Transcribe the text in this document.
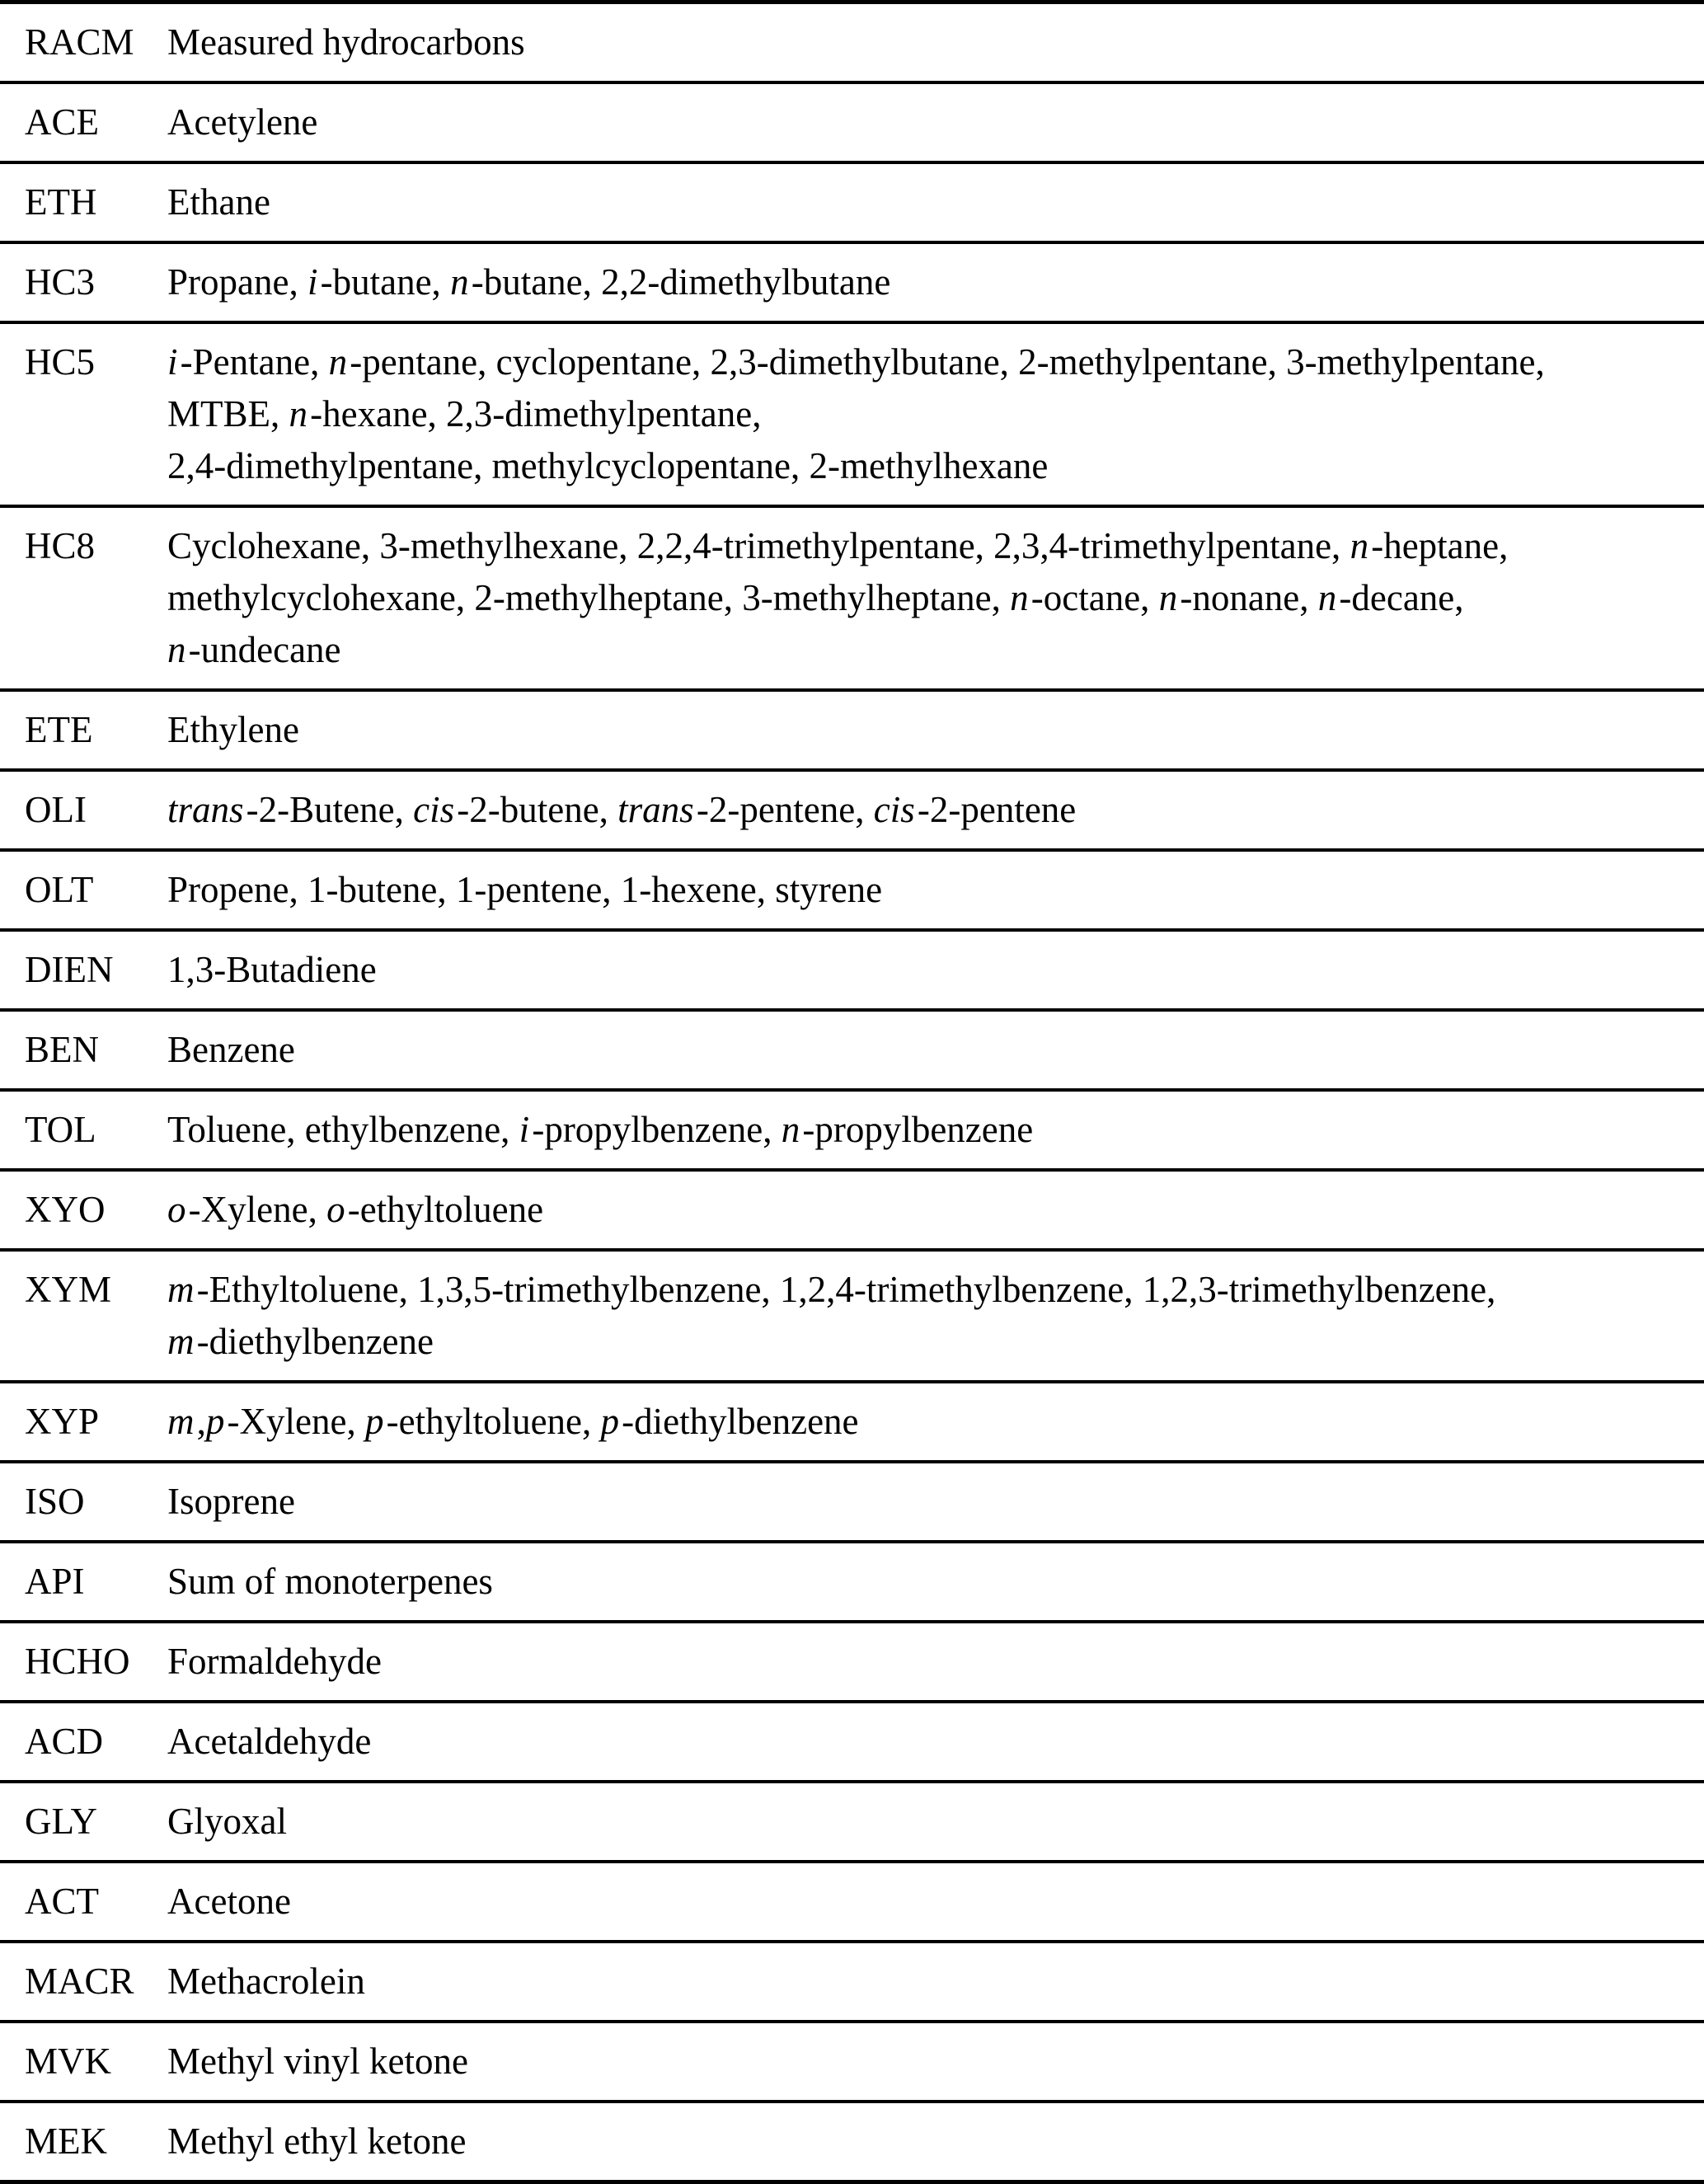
RACM	Measured hydrocarbons

ACE	Acetylene

ETH	Ethane

HC3	Propane, i-butane, n-butane, 2,2-dimethylbutane

HC5	i-Pentane, n-pentane, cyclopentane, 2,3-dimethylbutane, 2-methylpentane, 3-methylpentane,
MTBE, n-hexane, 2,3-dimethylpentane,
2,4-dimethylpentane, methylcyclopentane, 2-methylhexane

HC8	Cyclohexane, 3-methylhexane, 2,2,4-trimethylpentane, 2,3,4-trimethylpentane, n-heptane,
methylcyclohexane, 2-methylheptane, 3-methylheptane, n-octane, n-nonane, n-decane,
n-undecane

ETE	Ethylene

OLI	trans-2-Butene, cis-2-butene, trans-2-pentene, cis-2-pentene

OLT	Propene, 1-butene, 1-pentene, 1-hexene, styrene

DIEN	1,3-Butadiene

BEN	Benzene

TOL	Toluene, ethylbenzene, i-propylbenzene, n-propylbenzene

XYO	o-Xylene, o-ethyltoluene

XYM	m-Ethyltoluene, 1,3,5-trimethylbenzene, 1,2,4-trimethylbenzene, 1,2,3-trimethylbenzene,
m-diethylbenzene

XYP	m,p-Xylene, p-ethyltoluene, p-diethylbenzene

ISO	Isoprene

API	Sum of monoterpenes

HCHO	Formaldehyde

ACD	Acetaldehyde

GLY	Glyoxal

ACT	Acetone

MACR	Methacrolein

MVK	Methyl vinyl ketone

MEK	Methyl ethyl ketone
